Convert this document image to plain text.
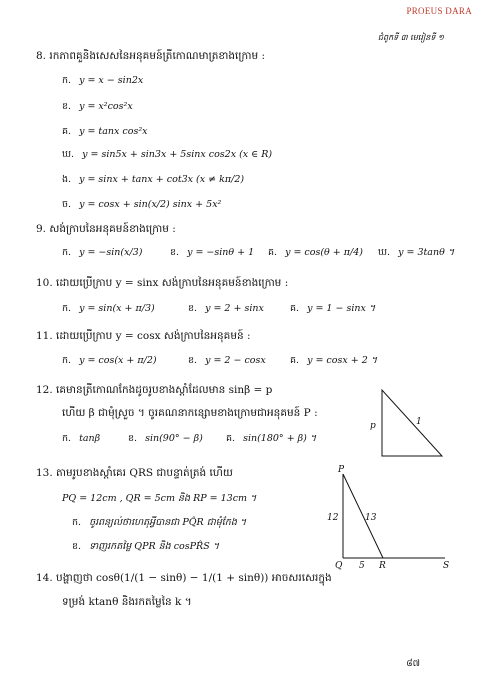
PROEUS DARA
ជំពូកទី ៣ មេរៀនទី ១
8. រកភាពគួនិងសេសនៃអនុគមន៍ត្រីកោណមាត្រខាងក្រោម :
ក. y = x − sin2x
ខ. y = x²cos²x
គ. y = tanx cos²x
ឃ. y = sin5x + sin3x + 5sinx cos2x (x ∈ R)
ង. y = sinx + tanx + cot3x (x ≠ kπ/2)
ច. y = cosx + sin(x/2) sinx + 5x²
9. សង់ក្រាបនៃអនុគមន៍ខាងក្រោម :
ក. y = −sin(x/3)	ខ. y = −sinθ + 1 គ. y = cos(θ + π/4) ឃ. y = 3tanθ ។
10. ដោយប្រើក្រាប y = sinx សង់ក្រាបនៃអនុគមន៍ខាងក្រោម :
ក. y = sin(x + π/3)	ខ. y = 2 + sinx	គ. y = 1 − sinx ។
11. ដោយប្រើក្រាប y = cosx សង់ក្រាបនៃអនុគមន៍ :
ក. y = cos(x + π/2)	ខ. y = 2 − cosx	គ. y = cosx + 2 ។
12. គេមានត្រីកោណកែងដូចរូបខាងស្ដាំដែលមាន sinβ = p
ហើយ β ជាមុំស្រួច ។ ចូរគណនាកន្សោមខាងក្រោមជាអនុគមន៍ P :
ក. tanβ	ខ. sin(90° − β) គ. sin(180° + β) ។
p	1
13. តាមរូបខាងស្ដាំគេរ QRS ជាបន្ទាត់ត្រង់ ហើយ
PQ = 12cm , QR = 5cm និង RP = 13cm ។
ក. ចូរពន្យល់ថាហេតុអ្វីបានជា PQ̂R ជាមុំកែង ។
ខ. ទាញរកតម្លៃ QPR និង cosPR̂S ។
P
Q	R	S
12	13
5
14. បង្ហាញថា cosθ(1/(1 − sinθ) − 1/(1 + sinθ)) អាចសរសេរក្នុង
ទម្រង់ ktanθ និងរកតម្លៃនៃ k ។
៨៧
